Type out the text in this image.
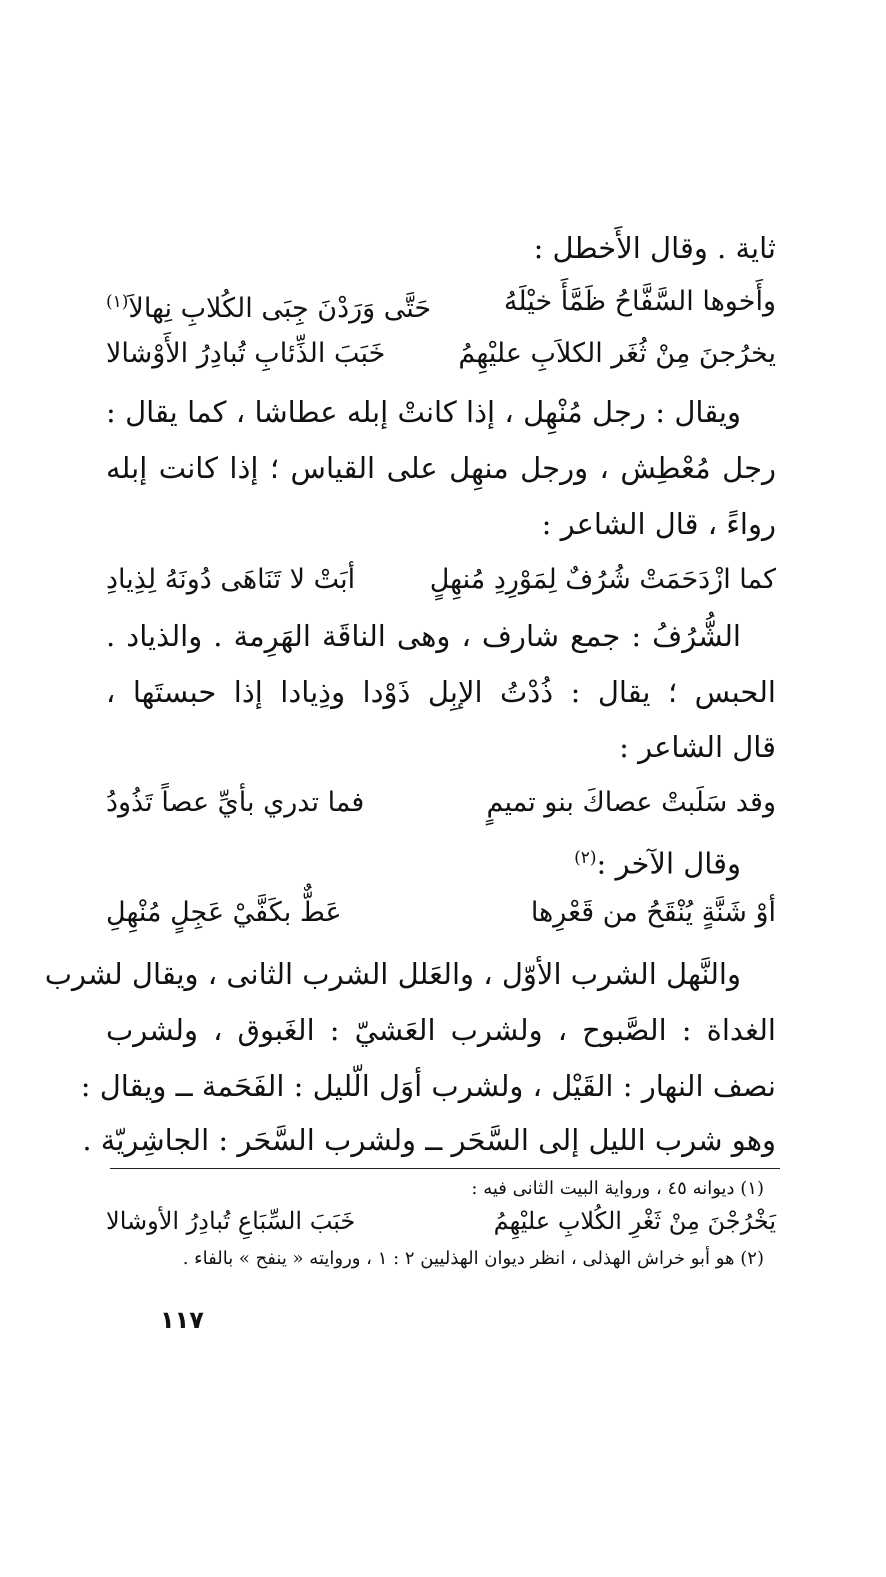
ثاية . وقال الأَخطل :
وأَخوها السَّفَّاحُ ظَمَّأَ خيْلَهُ
حَتَّى وَرَدْنَ جِبَى الكُلابِ نِهالاَ$^{(١)}$
يخرُجنَ مِنْ ثُغَر الكلاَبِ عليْهِمُ
خَبَبَ الذِّئابِ تُبادِرُ الأَوْشالا
ويقال : رجل مُنْهِل ، إذا كانتْ إبله عطاشا ، كما يقال :
رجل مُعْطِش ، ورجل منهِل على القياس ؛ إذا كانت إبله
رواءً ، قال الشاعر :
كما ازْدَحَمَتْ شُرُفٌ لِمَوْرِدِ مُنهِلٍ
أبَتْ لا تَنَاهَى دُونَهُ لِذِيادِ
الشُّرُفُ : جمع شارف ، وهى الناقَة الهَرِمة . والذياد .
الحبس ؛ يقال : ذُدْتُ الإبِل ذَوْدا وذِيادا إذا حبستَها ،
قال الشاعر :
وقد سَلَبتْ عصاكَ بنو تميمٍ
فما تدري بأيِّ عصاً تَذُودُ
وقال الآخر :$^{(٢)}$
أوْ شَنَّةٍ يُنْقَحُ من قَعْرِها
عَطٌّ بكَفَّيْ عَجِلٍ مُنْهِلِ
والنَّهل الشرب الأوّل ، والعَلل الشرب الثانى ، ويقال لشرب
الغداة : الصَّبوح ، ولشرب العَشيّ : الغَبوق ، ولشرب
نصف النهار : القَيْل ، ولشرب أوَل الّليل : الفَحَمة ــ ويقال :
وهو شرب الليل إلى السَّحَر ــ ولشرب السَّحَر : الجاشِريّة .
(١) ديوانه ٤٥ ، ورواية البيت الثانى فيه :
يَخْرُجْنَ مِنْ ثَغْرِ الكُلابِ عليْهِمُ
خَبَبَ السِّبَاعِ تُبادِرُ الأوشالا
(٢) هو أبو خراش الهذلى ، انظر ديوان الهذليين ٢ : ١ ، وروايته « ينفح » بالفاء .
١١٧
